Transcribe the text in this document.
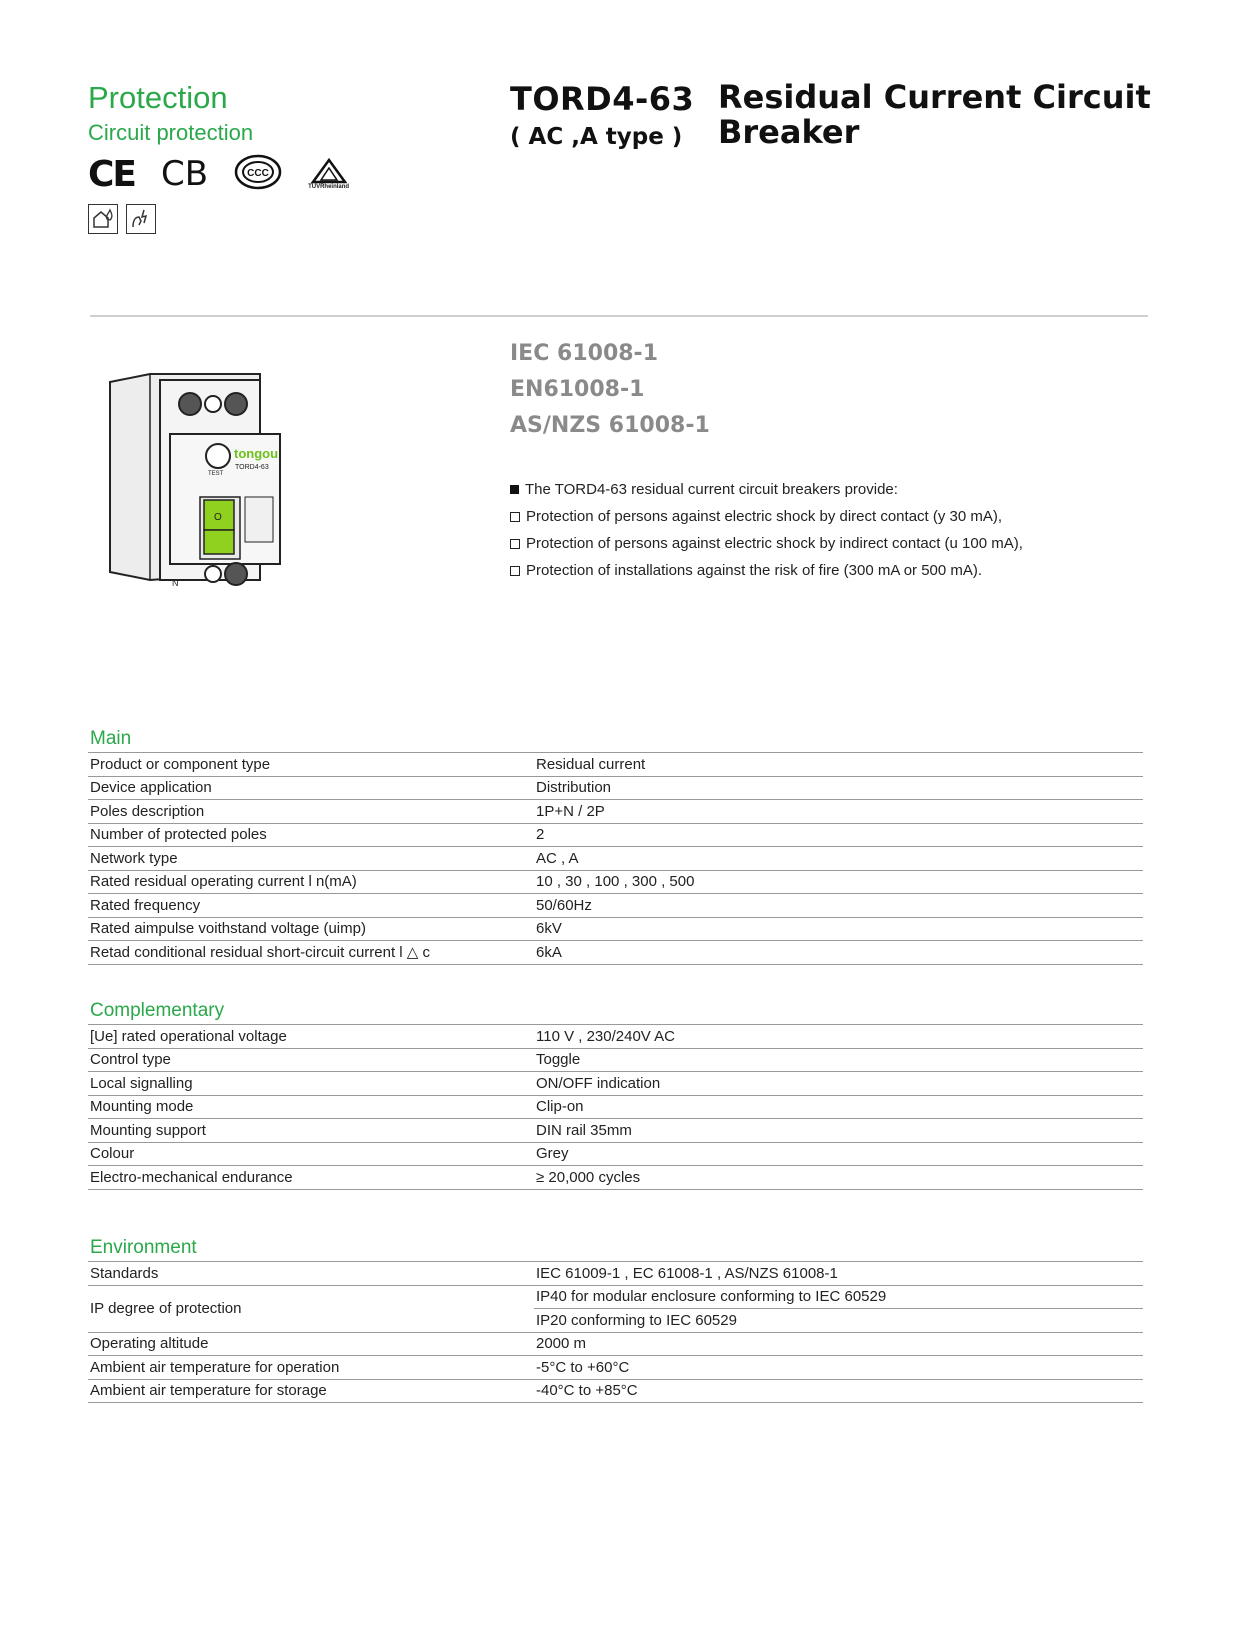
Protection
Circuit protection
TORD4-63
( AC ,A type )
Residual Current Circuit Breaker
CE CB	CCC
TÜVRheinland
tongou
TEST
TORD4-63
O
N
IEC 61008-1
EN61008-1
AS/NZS 61008-1
The TORD4-63 residual current circuit breakers provide:
Protection of persons against electric shock by direct contact (y 30 mA),
Protection of persons against electric shock by indirect contact (u 100 mA),
Protection of installations against the risk of fire (300 mA or 500 mA).
Main
Product or component type	Residual current
Device application	Distribution
Poles description	1P+N / 2P
Number of protected poles	2
Network type	AC , A
Rated residual operating current l n(mA)	10 , 30 , 100 , 300 , 500
Rated frequency	50/60Hz
Rated aimpulse voithstand voltage (uimp)	6kV
Retad conditional residual short-circuit current l △ c	6kA
Complementary
[Ue] rated operational voltage	110 V , 230/240V AC
Control type	Toggle
Local signalling	ON/OFF indication
Mounting mode	Clip-on
Mounting support	DIN rail 35mm
Colour	Grey
Electro-mechanical endurance	≥ 20,000 cycles
Environment
Standards	IEC 61009-1 , EC 61008-1 , AS/NZS 61008-1
IP degree of protection	IP40 for modular enclosure conforming to IEC 60529
	IP20 conforming to IEC 60529
Operating altitude	2000 m
Ambient air temperature for operation	-5°C to +60°C
Ambient air temperature for storage	-40°C to +85°C
